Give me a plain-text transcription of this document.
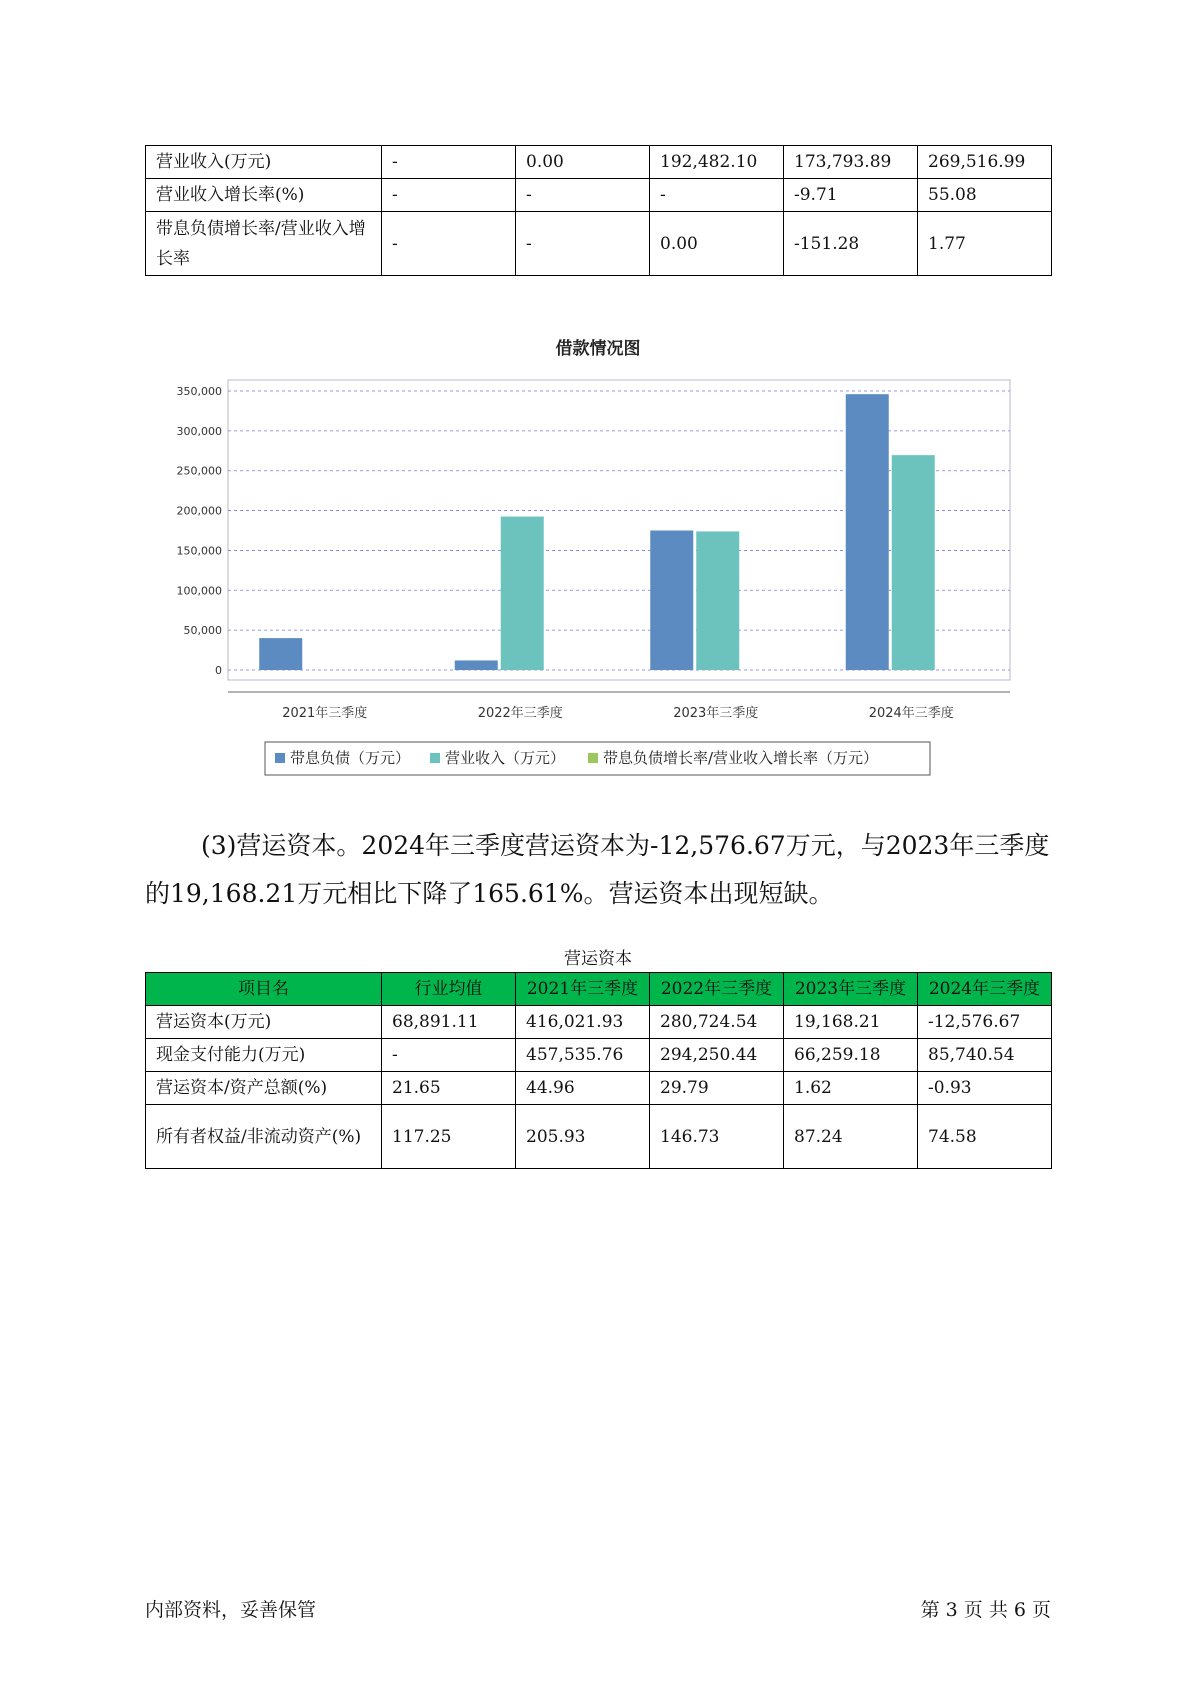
营业收入(万元)	-	0.00	192,482.10	173,793.89	269,516.99
营业收入增长率(%)	-	-	-	-9.71	55.08
带息负债增长率/营业收入增长率	-	-	0.00	-151.28	1.77
借款情况图
0
50,000
100,000
150,000
200,000
250,000
300,000
350,000
2021年三季度	2022年三季度	2023年三季度	2024年三季度
带息负债（万元） 营业收入（万元）	带息负债增长率/营业收入增长率（万元）

(3)营运资本。2024年三季度营运资本为-12,576.67万元，与2023年三季度的19,168.21万元相比下降了165.61%。营运资本出现短缺。

营运资本
项目名	行业均值	2021年三季度	2022年三季度	2023年三季度	2024年三季度
营运资本(万元)	68,891.11	416,021.93	280,724.54	19,168.21	-12,576.67
现金支付能力(万元)	-	457,535.76	294,250.44	66,259.18	85,740.54
营运资本/资产总额(%)	21.65	44.96	29.79	1.62	-0.93
所有者权益/非流动资产(%)	117.25	205.93	146.73	87.24	74.58
内部资料，妥善保管	第 3 页 共 6 页
